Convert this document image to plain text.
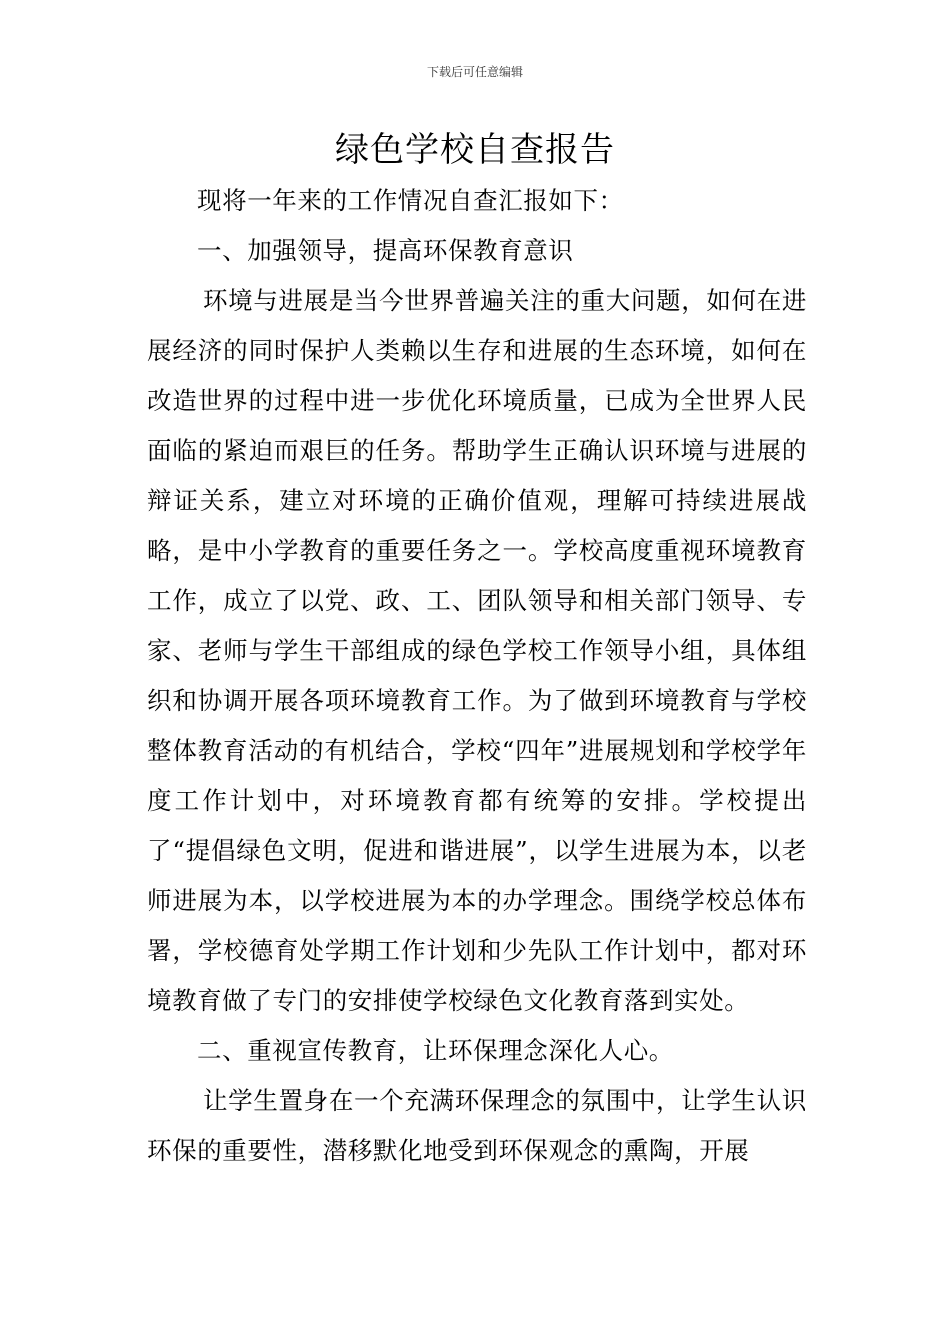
下载后可任意编辑
绿色学校自查报告

现将一年来的工作情况自查汇报如下：

一、加强领导，提高环保教育意识

环境与进展是当今世界普遍关注的重大问题，如何在进展经济的同时保护人类赖以生存和进展的生态环境，如何在改造世界的过程中进一步优化环境质量，已成为全世界人民面临的紧迫而艰巨的任务。帮助学生正确认识环境与进展的辩证关系，建立对环境的正确价值观，理解可持续进展战略，是中小学教育的重要任务之一。学校高度重视环境教育工作，成立了以党、政、工、团队领导和相关部门领导、专家、老师与学生干部组成的绿色学校工作领导小组，具体组织和协调开展各项环境教育工作。为了做到环境教育与学校整体教育活动的有机结合，学校“四年”进展规划和学校学年度工作计划中，对环境教育都有统筹的安排。学校提出了“提倡绿色文明，促进和谐进展”，以学生进展为本，以老师进展为本，以学校进展为本的办学理念。围绕学校总体布署，学校德育处学期工作计划和少先队工作计划中，都对环境教育做了专门的安排使学校绿色文化教育落到实处。

二、重视宣传教育，让环保理念深化人心。

让学生置身在一个充满环保理念的氛围中，让学生认识环保的重要性，潜移默化地受到环保观念的熏陶，开展
